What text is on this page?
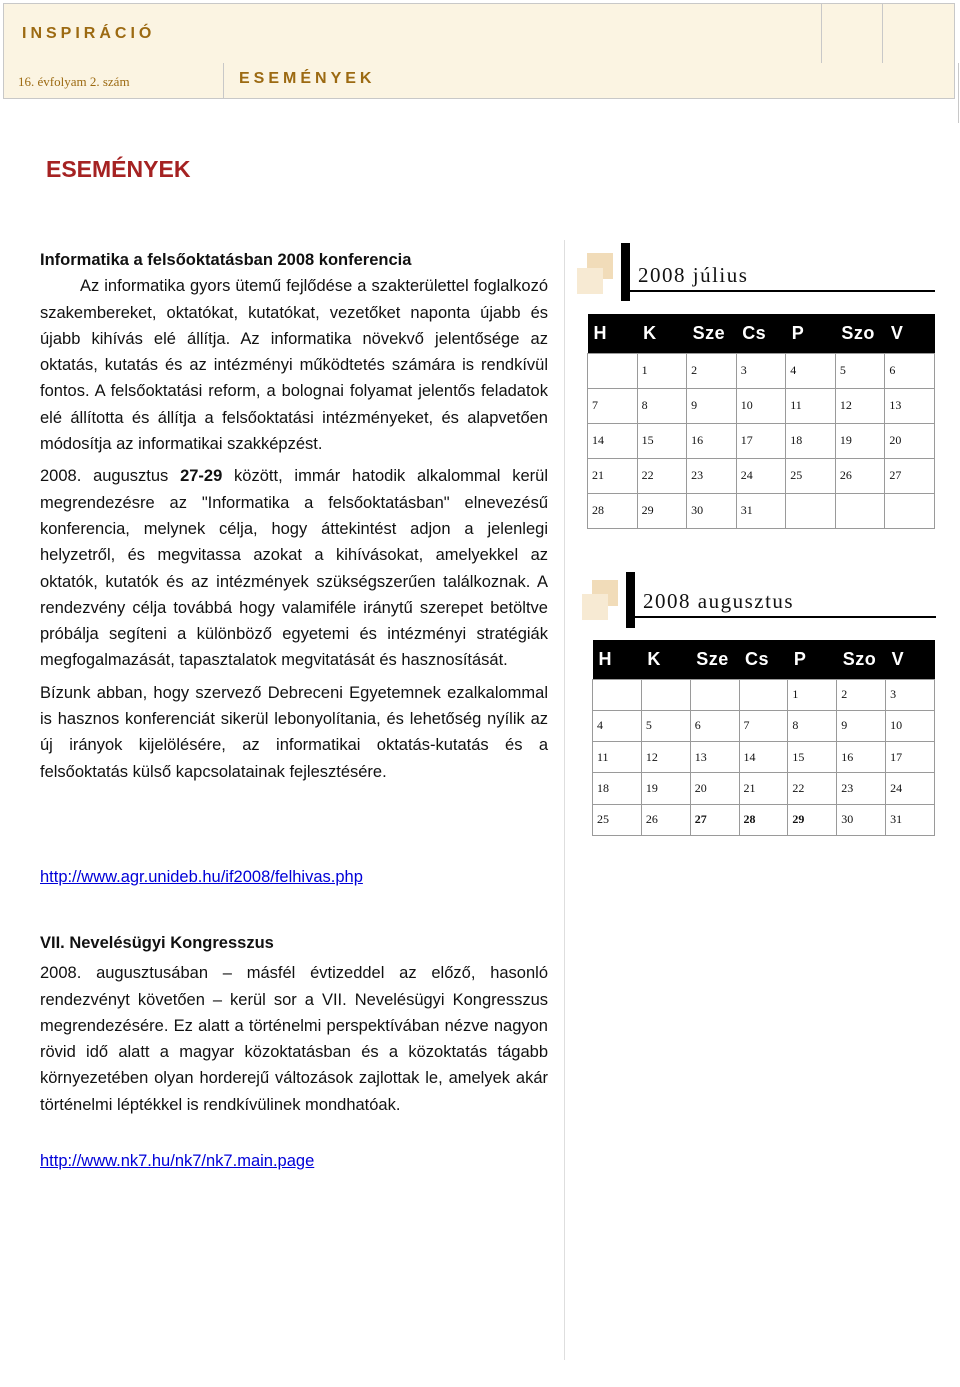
INSPIRÁCIÓ
16. évfolyam 2. szám	ESEMÉNYEK
ESEMÉNYEK

Informatika a felsőoktatásban 2008 konferencia

Az informatika gyors ütemű fejlődése a szakterülettel foglalkozó szakembereket, oktatókat, kutatókat, vezetőket naponta újabb és újabb kihívás elé állítja. Az informatika növekvő jelentősége az oktatás, kutatás és az intézményi működtetés számára is rendkívül fontos. A felsőoktatási reform, a bolognai folyamat jelentős feladatok elé állította és állítja a felsőoktatási intézményeket, és alapvetően módosítja az informatikai szakképzést.

2008. augusztus 27-29 között, immár hatodik alkalommal kerül megrendezésre az "Informatika a felsőoktatásban" elnevezésű konferencia, melynek célja, hogy áttekintést adjon a jelenlegi helyzetről, és megvitassa azokat a kihívásokat, amelyekkel az oktatók, kutatók és az intézmények szükségszerűen találkoznak. A rendezvény célja továbbá hogy valamiféle iránytű szerepet betöltve próbálja segíteni a különböző egyetemi és intézményi stratégiák megfogalmazását, tapasztalatok megvitatását és hasznosítását.

Bízunk abban, hogy szervező Debreceni Egyetemnek ezalkalommal is hasznos konferenciát sikerül lebonyolítania, és lehetőség nyílik az új irányok kijelölésére, az informatikai oktatás-kutatás és a felsőoktatás külső kapcsolatainak fejlesztésére.

http://www.agr.unideb.hu/if2008/felhivas.php

VII. Nevelésügyi Kongresszus

2008. augusztusában – másfél évtizeddel az előző, hasonló rendezvényt követően – kerül sor a VII. Nevelésügyi Kongresszus megrendezésére. Ez alatt a történelmi perspektívában nézve nagyon rövid idő alatt a magyar közoktatásban és a közoktatás tágabb környezetében olyan horderejű változások zajlottak le, amelyek akár történelmi léptékkel is rendkívülinek mondhatóak.

http://www.nk7.hu/nk7/nk7.main.page
2008 július
H	K	Sze	Cs	P	Szo	V
	1	2	3	4	5	6
7	8	9	10	11	12	13
14	15	16	17	18	19	20
21	22	23	24	25	26	27
28	29	30	31			
2008 augusztus
H	K	Sze	Cs	P	Szo	V
				1	2	3
4	5	6	7	8	9	10
11	12	13	14	15	16	17
18	19	20	21	22	23	24
25	26	27	28	29	30	31
